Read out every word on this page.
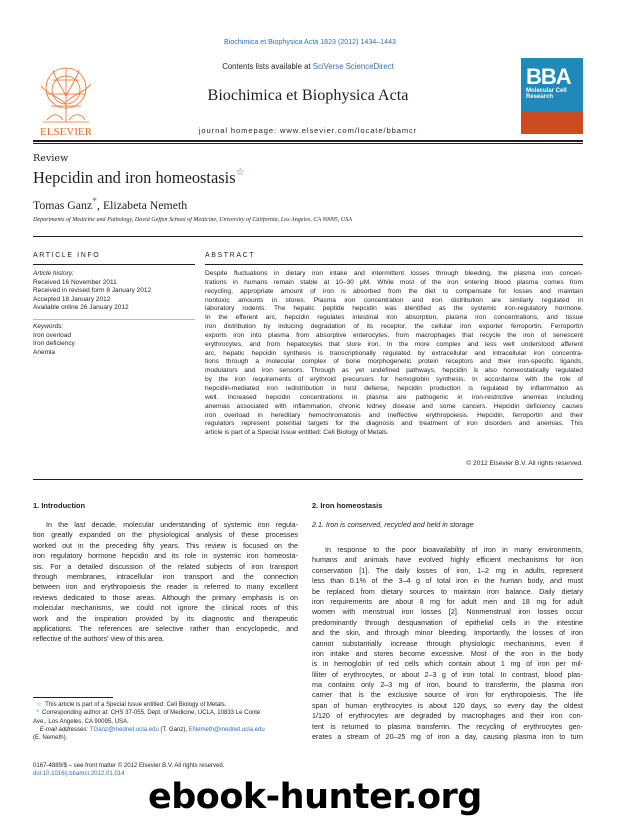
Biochimica et Biophysica Acta 1823 (2012) 1434–1443
ELSEVIER
Contents lists available at SciVerse ScienceDirect
Biochimica et Biophysica Acta
journal homepage: www.elsevier.com/locate/bbamcr
BBA
Molecular Cell Research
Review
Hepcidin and iron homeostasis☆
Tomas Ganz*, Elizabeta Nemeth
Departments of Medicine and Pathology, David Geffen School of Medicine, University of California, Los Angeles, CA 90095, USA
ARTICLE INFO	ABSTRACT
Article history:
Received 16 November 2011
Received in revised form 8 January 2012
Accepted 18 January 2012
Available online 26 January 2012
Keywords:
Iron overload
Iron deficiency
Anemia
Despite fluctuations in dietary iron intake and intermittent losses through bleeding, the plasma iron concen-
trations in humans remain stable at 10–30 μM. While most of the iron entering blood plasma comes from
recycling, appropriate amount of iron is absorbed from the diet to compensate for losses and maintain
nontoxic amounts in stores. Plasma iron concentration and iron distribution are similarly regulated in
laboratory rodents. The hepatic peptide hepcidin was identified as the systemic iron-regulatory hormone.
In the efferent arc, hepcidin regulates intestinal iron absorption, plasma iron concentrations, and tissue
iron distribution by inducing degradation of its receptor, the cellular iron exporter ferroportin. Ferroportin
exports iron into plasma from absorptive enterocytes, from macrophages that recycle the iron of senescent
erythrocytes, and from hepatocytes that store iron. In the more complex and less well understood afferent
arc, hepatic hepcidin synthesis is transcriptionally regulated by extracellular and intracellular iron concentra-
tions through a molecular complex of bone morphogenetic protein receptors and their iron-specific ligands,
modulators and iron sensors. Through as yet undefined pathways, hepcidin is also homeostatically regulated
by the iron requirements of erythroid precursors for hemoglobin synthesis. In accordance with the role of
hepcidin-mediated iron redistribution in host defense, hepcidin production is regulated by inflammation as
well. Increased hepcidin concentrations in plasma are pathogenic in iron-restrictive anemias including
anemias associated with inflammation, chronic kidney disease and some cancers. Hepcidin deficiency causes
iron overload in hereditary hemochromatosis and ineffective erythropoiesis. Hepcidin, ferroportin and their
regulators represent potential targets for the diagnosis and treatment of iron disorders and anemias. This
article is part of a Special Issue entitled: Cell Biology of Metals.
© 2012 Elsevier B.V. All rights reserved.
1. Introduction
In the last decade, molecular understanding of systemic iron regula-
tion greatly expanded on the physiological analysis of these processes
worked out in the preceding fifty years. This review is focused on the
iron regulatory hormone hepcidin and its role in systemic iron homeosta-
sis. For a detailed discussion of the related subjects of iron transport
through membranes, intracellular iron transport and the connection
between iron and erythropoiesis the reader is referred to many excellent
reviews dedicated to those areas. Although the primary emphasis is on
molecular mechanisms, we could not ignore the clinical roots of this
work and the inspiration provided by its diagnostic and therapeutic
applications. The references are selective rather than encyclopedic, and
reflective of the authors' view of this area.
2. Iron homeostasis
2.1. Iron is conserved, recycled and held in storage
In response to the poor bioavailability of iron in many environments,
humans and animals have evolved highly efficient mechanisms for iron
conservation [1]. The daily losses of iron, 1–2 mg in adults, represent
less than 0.1% of the 3–4 g of total iron in the human body, and must
be replaced from dietary sources to maintain iron balance. Daily dietary
iron requirements are about 8 mg for adult men and 18 mg for adult
women with menstrual iron losses [2]. Nonmenstrual iron losses occur
predominantly through desquamation of epithelial cells in the intestine
and the skin, and through minor bleeding. Importantly, the losses of iron
cannot substantially increase through physiologic mechanisms, even if
iron intake and stores become excessive. Most of the iron in the body
is in hemoglobin of red cells which contain about 1 mg of iron per mil-
liliter of erythrocytes, or about 2–3 g of iron total. In contrast, blood plas-
ma contains only 2–3 mg of iron, bound to transferrin, the plasma iron
carrier that is the exclusive source of iron for erythropoiesis. The life
span of human erythrocytes is about 120 days, so every day the oldest
1/120 of erythrocytes are degraded by macrophages and their iron con-
tent is returned to plasma transferrin. The recycling of erythrocytes gen-
erates a stream of 20–25 mg of iron a day, causing plasma iron to turn
☆ This article is part of a Special Issue entitled: Cell Biology of Metals.
* Corresponding author at: CHS 37-055, Dept. of Medicine, UCLA, 10833 Le Conte
Ave., Los Angeles, CA 90095, USA.
E-mail addresses: TGanz@mednet.ucla.edu (T. Ganz), ENemeth@mednet.ucla.edu
(E. Nemeth).
0167-4889/$ – see front matter © 2012 Elsevier B.V. All rights reserved.
doi:10.1016/j.bbamcr.2012.01.014
ebook-hunter.org
